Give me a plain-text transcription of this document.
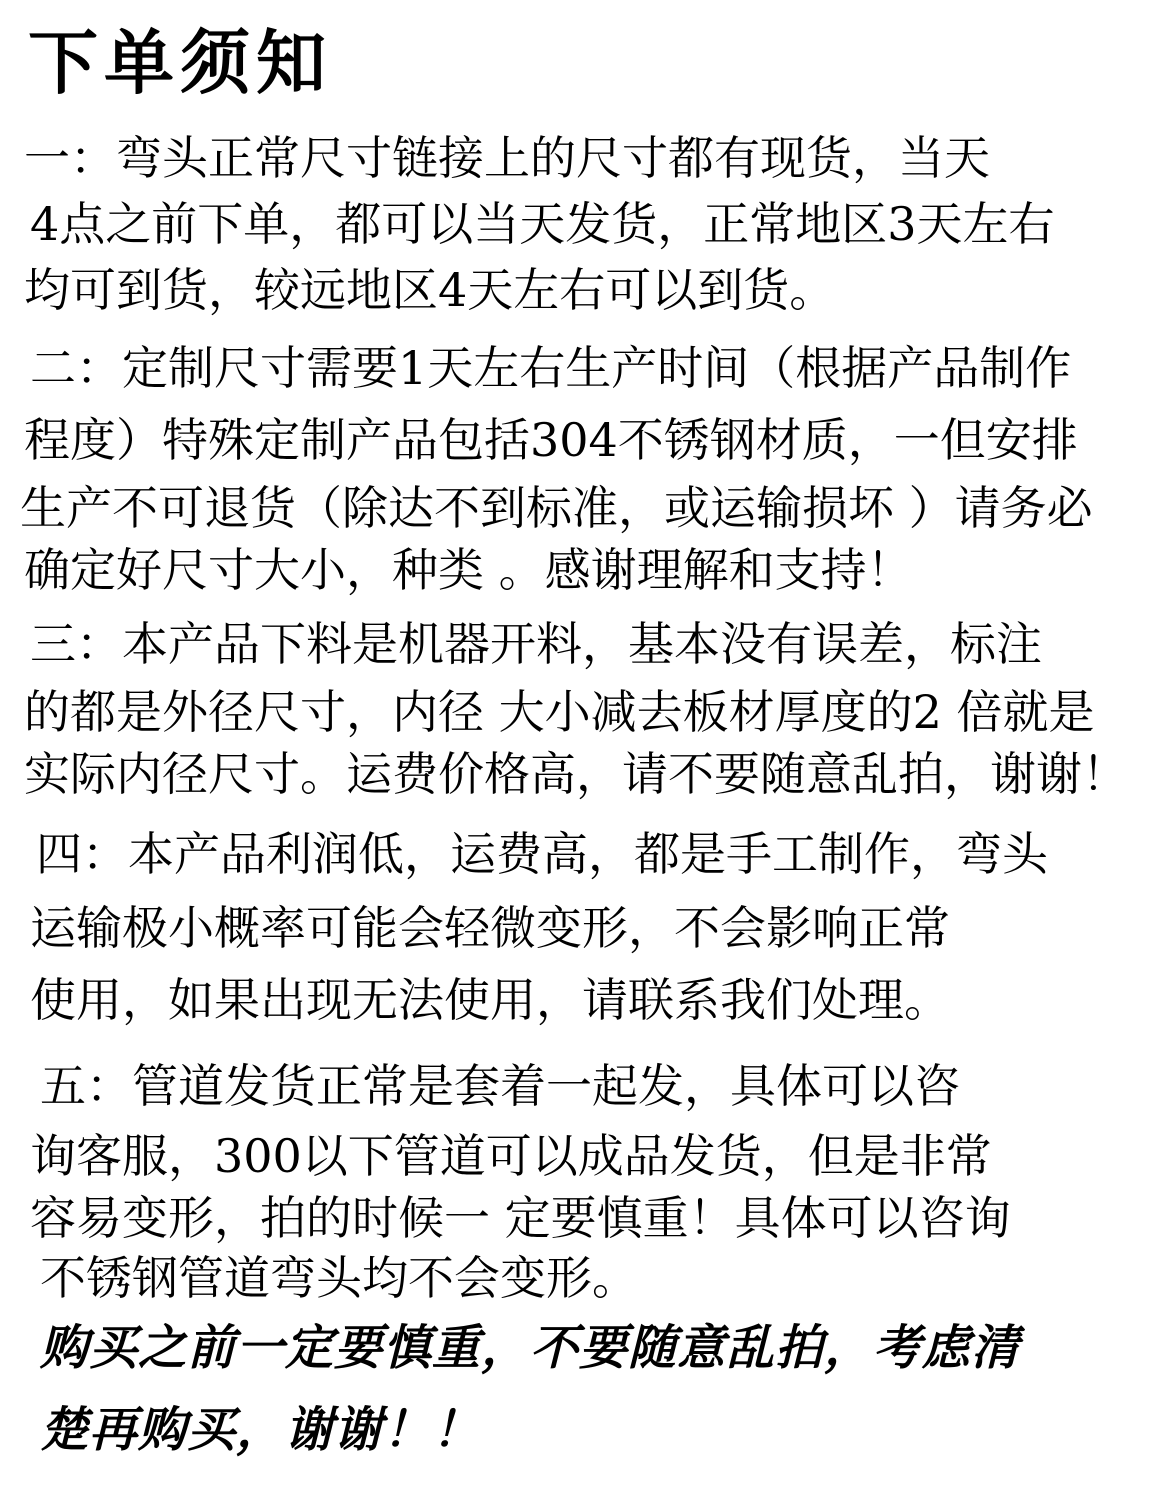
下单须知
一：弯头正常尺寸链接上的尺寸都有现货，当天
4点之前下单，都可以当天发货，正常地区3天左右
均可到货，较远地区4天左右可以到货。
二：定制尺寸需要1天左右生产时间（根据产品制作
程度）特殊定制产品包括304不锈钢材质，一但安排
生产不可退货（除达不到标准，或运输损坏 ）请务必
确定好尺寸大小，种类 。感谢理解和支持！
三：本产品下料是机器开料，基本没有误差，标注
的都是外径尺寸，内径 大小减去板材厚度的2 倍就是
实际内径尺寸。运费价格高，请不要随意乱拍，谢谢！
四：本产品利润低，运费高，都是手工制作，弯头
运输极小概率可能会轻微变形，不会影响正常
使用，如果出现无法使用，请联系我们处理。
五：管道发货正常是套着一起发，具体可以咨
询客服，300以下管道可以成品发货，但是非常
容易变形，拍的时候一 定要慎重！具体可以咨询
不锈钢管道弯头均不会变形。
购买之前一定要慎重，不要随意乱拍，考虑清
楚再购买，谢谢！！
